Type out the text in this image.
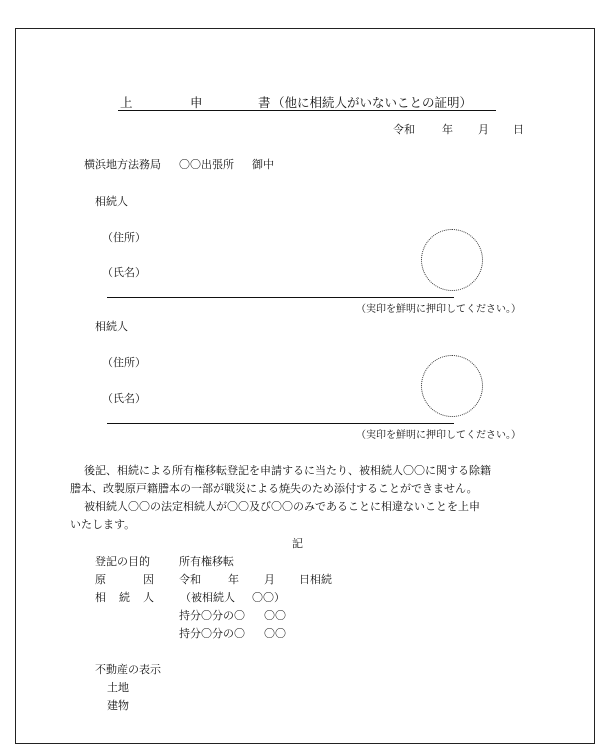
上	申	書 （他に相続人がいないことの証明）
令和 年 月 日
横浜地方法務局 〇〇出張所 御中
相続人
（住所）
（氏名）
（実印を鮮明に押印してください。）
相続人
（住所）
（氏名）
（実印を鮮明に押印してください。）
後記、相続による所有権移転登記を申請するに当たり、被相続人〇〇に関する除籍
謄本、改製原戸籍謄本の一部が戦災による焼失のため添付することができません。
被相続人〇〇の法定相続人が〇〇及び〇〇のみであることに相違ないことを上申
いたします。
記
登記の目的	所有権移転
原	因 令和 年 月 日相続
相 続 人 （被相続人 〇〇）
持分〇分の〇 〇〇
持分〇分の〇 〇〇
不動産の表示
土地
建物
